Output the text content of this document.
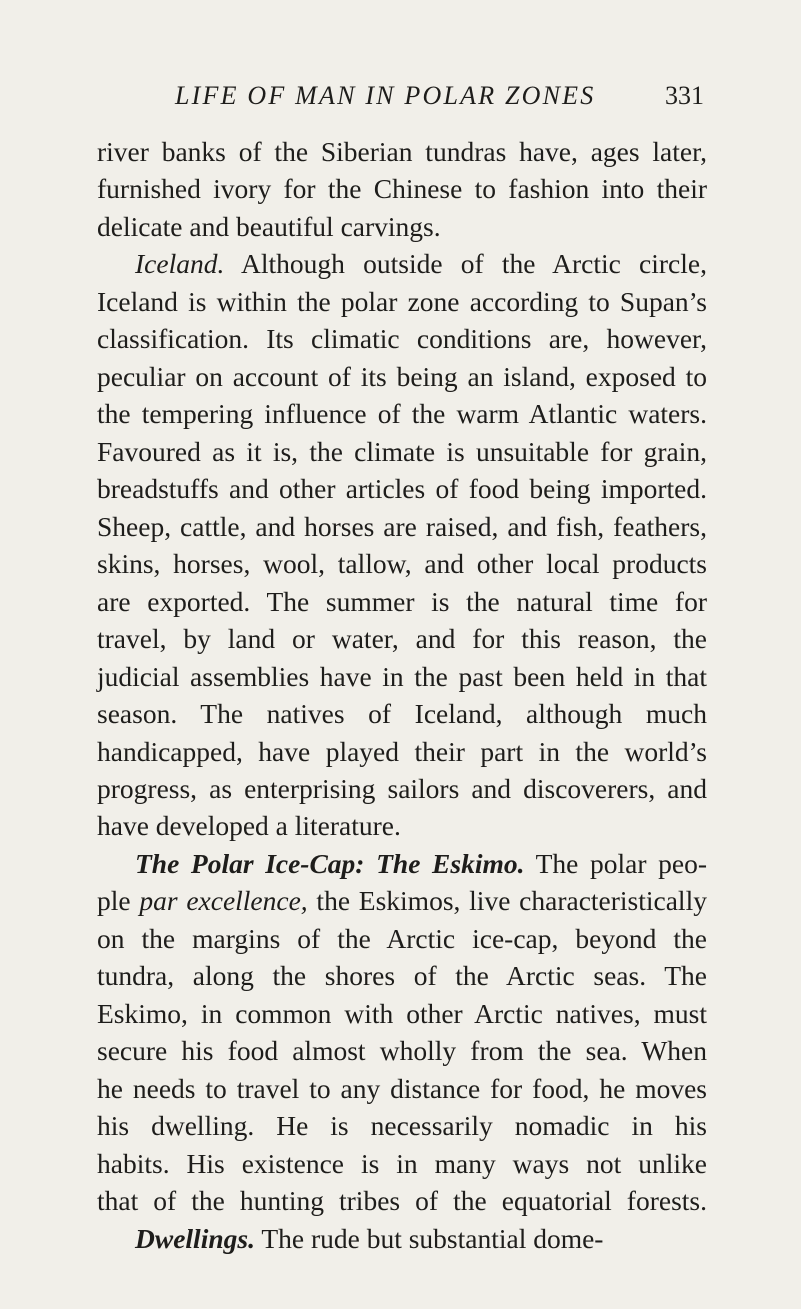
LIFE OF MAN IN POLAR ZONES	331
river banks of the Siberian tundras have, ages later,
furnished ivory for the Chinese to fashion into their
delicate and beautiful carvings.
Iceland. Although outside of the Arctic circle,
Iceland is within the polar zone according to Supan’s
classification. Its climatic conditions are, however,
peculiar on account of its being an island, exposed to
the tempering influence of the warm Atlantic waters.
Favoured as it is, the climate is unsuitable for grain,
breadstuffs and other articles of food being imported.
Sheep, cattle, and horses are raised, and fish, feathers,
skins, horses, wool, tallow, and other local products
are exported. The summer is the natural time for
travel, by land or water, and for this reason, the
judicial assemblies have in the past been held in that
season. The natives of Iceland, although much
handicapped, have played their part in the world’s
progress, as enterprising sailors and discoverers, and
have developed a literature.
The Polar Ice-Cap: The Eskimo. The polar peo-
ple par excellence, the Eskimos, live characteristically
on the margins of the Arctic ice-cap, beyond the
tundra, along the shores of the Arctic seas. The
Eskimo, in common with other Arctic natives, must
secure his food almost wholly from the sea. When
he needs to travel to any distance for food, he moves
his dwelling. He is necessarily nomadic in his
habits. His existence is in many ways not unlike
that of the hunting tribes of the equatorial forests.
Dwellings. The rude but substantial dome-
